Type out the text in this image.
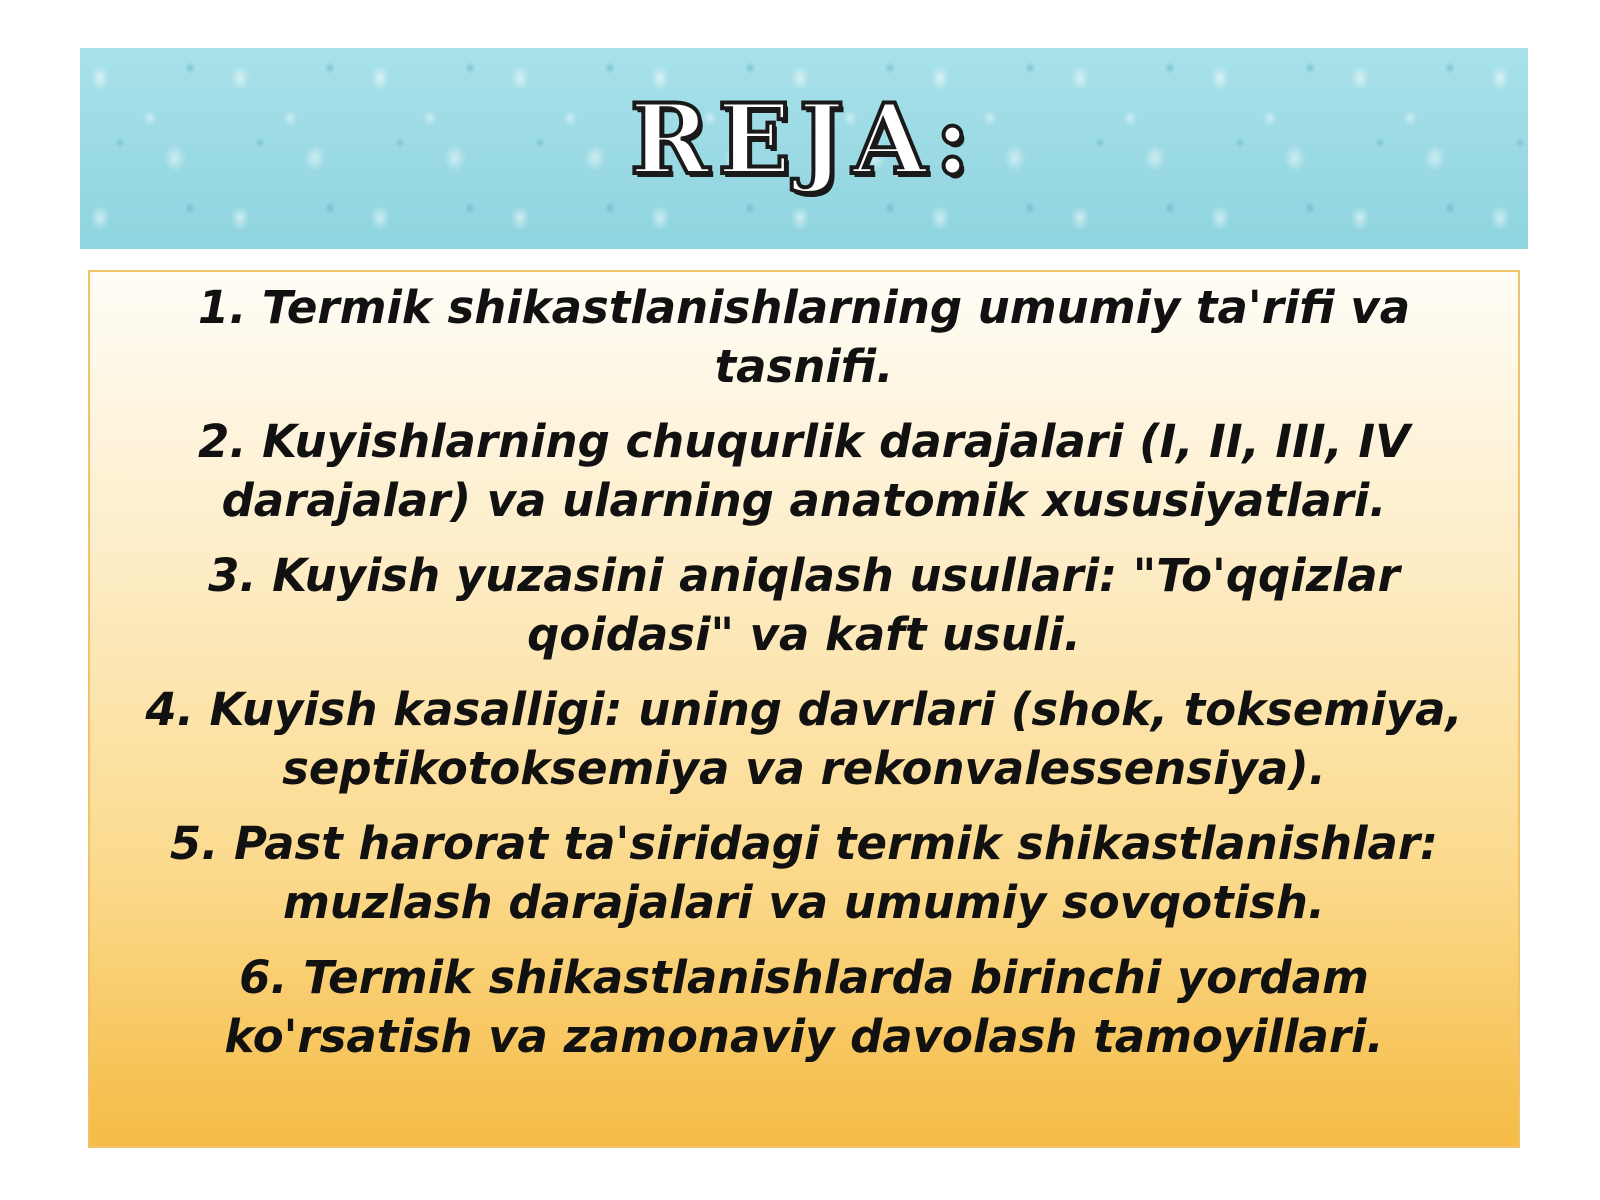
REJA:
1. Termik shikastlanishlarning umumiy ta'rifi va tasnifi.
2. Kuyishlarning chuqurlik darajalari (I, II, III, IV darajalar) va ularning anatomik xususiyatlari.
3. Kuyish yuzasini aniqlash usullari: "To'qqizlar qoidasi" va kaft usuli.
4. Kuyish kasalligi: uning davrlari (shok, toksemiya, septikotoksemiya va rekonvalessensiya).
5. Past harorat ta'siridagi termik shikastlanishlar: muzlash darajalari va umumiy sovqotish.
6. Termik shikastlanishlarda birinchi yordam ko'rsatish va zamonaviy davolash tamoyillari.
